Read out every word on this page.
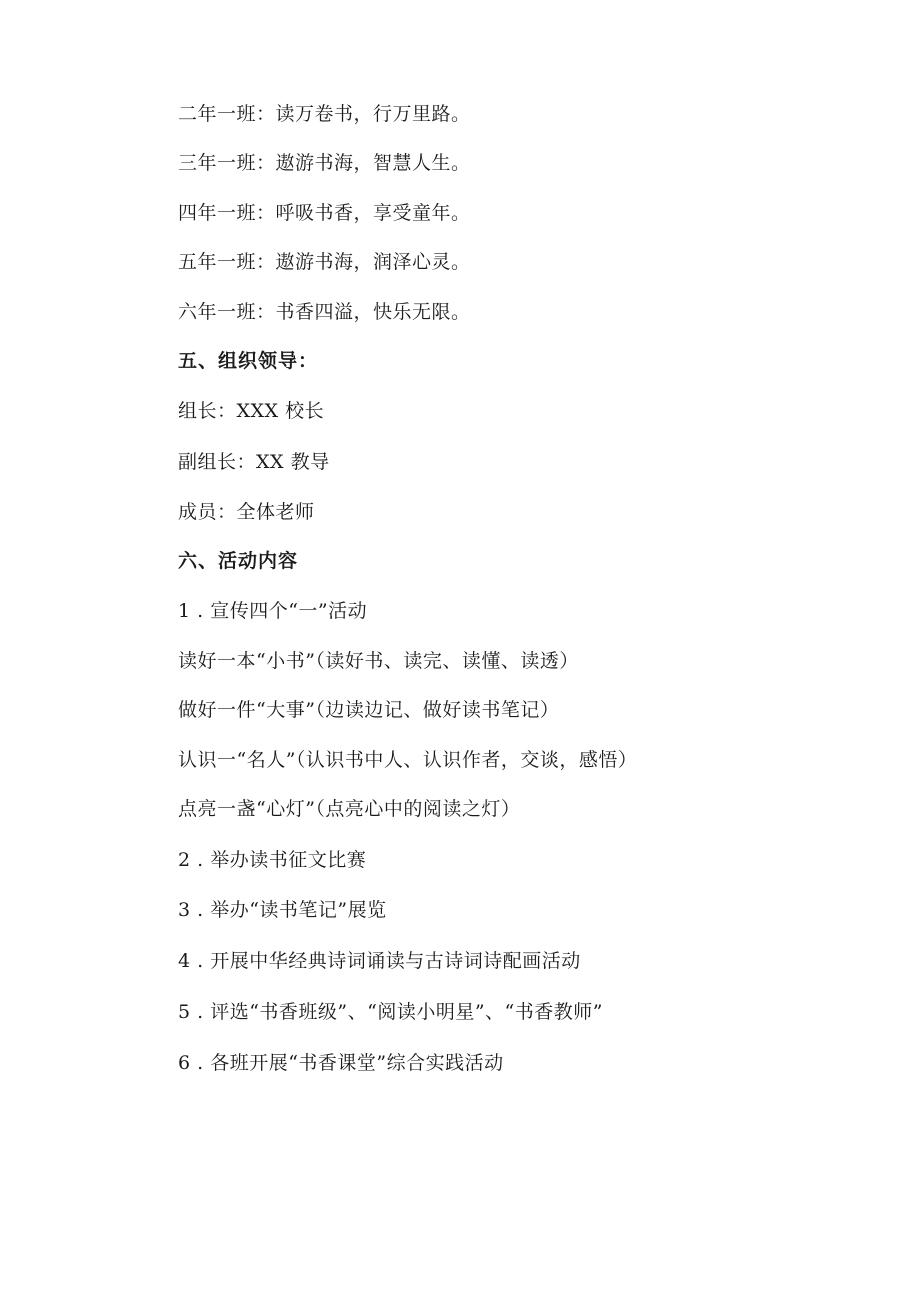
二年一班：读万卷书，行万里路。
三年一班：遨游书海，智慧人生。
四年一班：呼吸书香，享受童年。
五年一班：遨游书海，润泽心灵。
六年一班：书香四溢，快乐无限。
五、组织领导：
组长：XXX 校长
副组长：XX 教导
成员：全体老师
六、活动内容
1 . 宣传四个“一”活动
读好一本“小书”（读好书、读完、读懂、读透）
做好一件“大事”（边读边记、做好读书笔记）
认识一“名人”（认识书中人、认识作者，交谈，感悟）
点亮一盏“心灯”（点亮心中的阅读之灯）
2 . 举办读书征文比赛
3 . 举办“读书笔记”展览
4 . 开展中华经典诗词诵读与古诗词诗配画活动
5 . 评选“书香班级”、“阅读小明星”、“书香教师”
6 . 各班开展“书香课堂”综合实践活动
